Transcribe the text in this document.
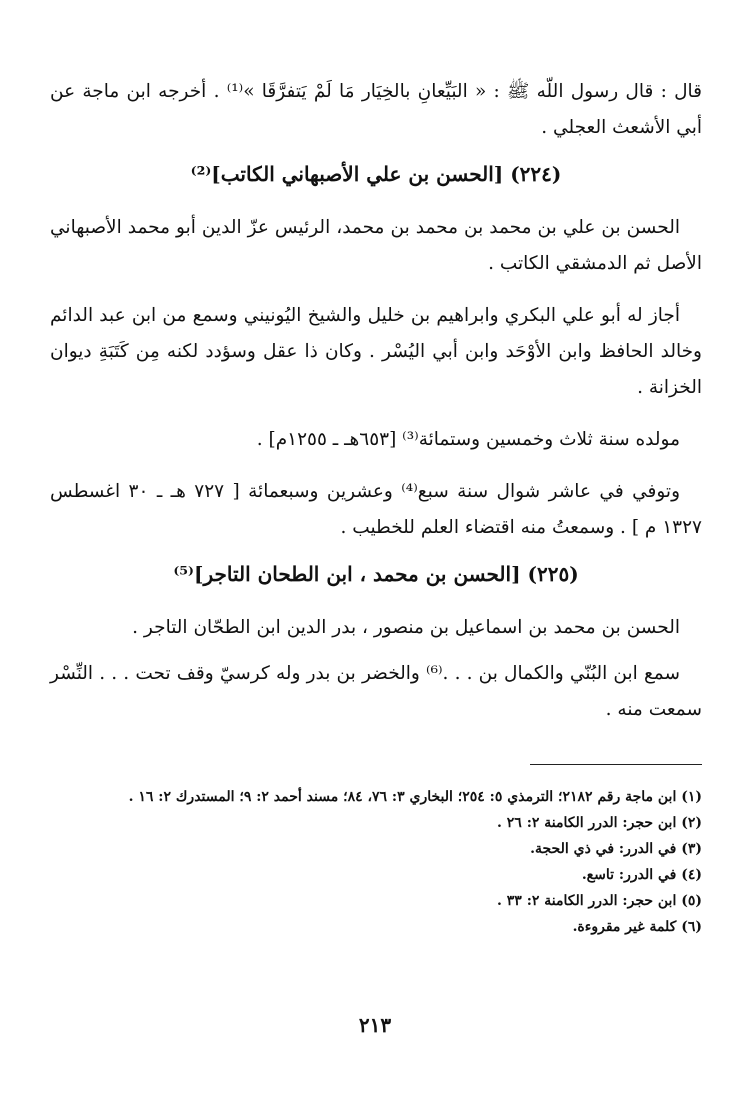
قال : قال رسول اللّه ﷺ : « البَيِّعانِ بالخِيَار مَا لَمْ يَتفرَّقَا »⁽¹⁾ . أخرجه ابن ماجة عن أبي الأشعث العجلي .

(٢٢٤) [الحسن بن علي الأصبهاني الكاتب]⁽²⁾

الحسن بن علي بن محمد بن محمد بن محمد، الرئيس عزّ الدين أبو محمد الأصبهاني الأصل ثم الدمشقي الكاتب .

أجاز له أبو علي البكري وابراهيم بن خليل والشيخ اليُونيني وسمع من ابن عبد الدائم وخالد الحافظ وابن الأوْحَد وابن أبي اليُسْر . وكان ذا عقل وسؤدد لكنه مِن كَتَبَةِ ديوان الخزانة .

مولده سنة ثلاث وخمسين وستمائة⁽³⁾ [٦٥٣هـ ـ ١٢٥٥م] .

وتوفي في عاشر شوال سنة سبع⁽⁴⁾ وعشرين وسبعمائة [ ٧٢٧ هـ ـ ٣٠ اغسطس ١٣٢٧ م ] . وسمعتُ منه اقتضاء العلم للخطيب .

(٢٢٥) [الحسن بن محمد ، ابن الطحان التاجر]⁽⁵⁾

الحسن بن محمد بن اسماعيل بن منصور ، بدر الدين ابن الطحّان التاجر .

سمع ابن البُنّي والكمال بن . . .⁽⁶⁾ والخضر بن بدر وله كرسيّ وقف تحت . . . النِّسْر سمعت منه .

(١) ابن ماجة رقم ٢١٨٢؛ الترمذي ٥: ٢٥٤؛ البخاري ٣: ٧٦، ٨٤؛ مسند أحمد ٢: ٩؛ المستدرك ٢: ١٦ .

(٢) ابن حجر: الدرر الكامنة ٢: ٢٦ .

(٣) في الدرر: في ذي الحجة.

(٤) في الدرر: تاسع.

(٥) ابن حجر: الدرر الكامنة ٢: ٣٣ .

(٦) كلمة غير مقروءة.

٢١٣
